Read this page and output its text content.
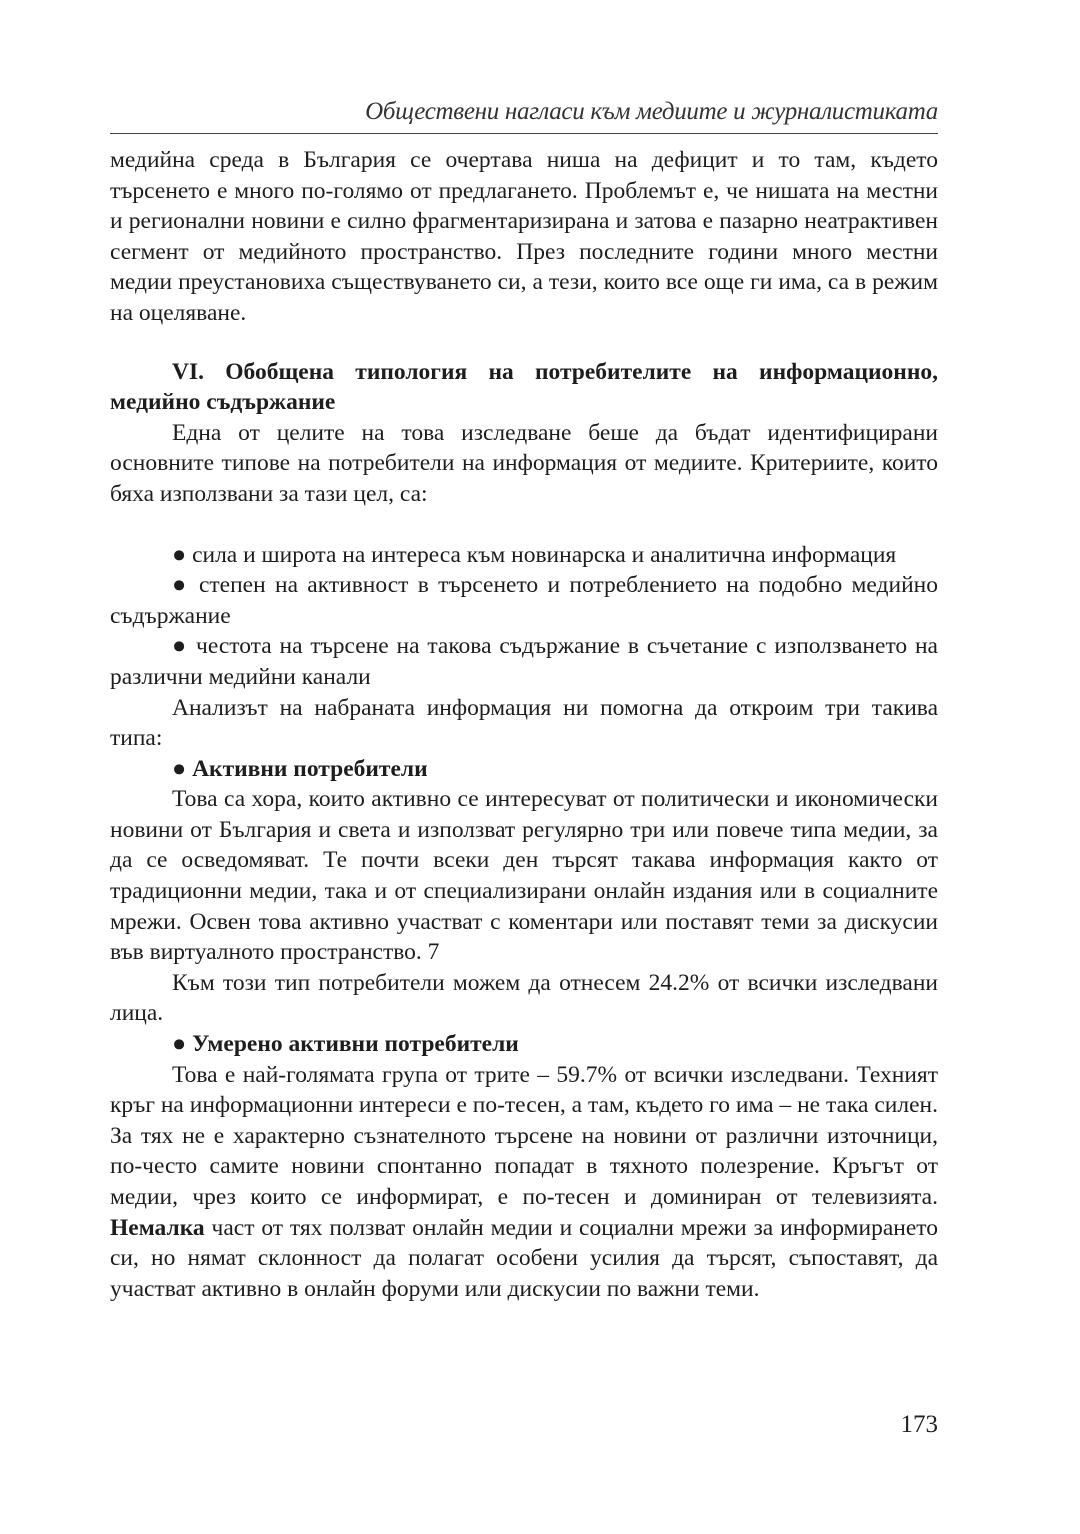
Обществени нагласи към медиите и журналистиката

медийна среда в България се очертава ниша на дефицит и то там, където търсенето е много по-голямо от предлагането. Проблемът е, че нишата на местни и регионални новини е силно фрагментаризирана и затова е пазарно неатрактивен сегмент от медийното пространство. През последните години много местни медии преустановиха съществуването си, а тези, които все още ги има, са в режим на оцеляване.

VI. Обобщена типология на потребителите на информационно, медийно съдържание

Една от целите на това изследване беше да бъдат идентифицирани основните типове на потребители на информация от медиите. Критериите, които бяха използвани за тази цел, са:

● сила и широта на интереса към новинарска и аналитична информация

● степен на активност в търсенето и потреблението на подобно медийно съдържание

● честота на търсене на такова съдържание в съчетание с използването на различни медийни канали

Анализът на набраната информация ни помогна да откроим три такива типа:

● Активни потребители

Това са хора, които активно се интересуват от политически и икономически новини от България и света и използват регулярно три или повече типа медии, за да се осведомяват. Те почти всеки ден търсят такава информация както от традиционни медии, така и от специализирани онлайн издания или в социалните мрежи. Освен това активно участват с коментари или поставят теми за дискусии във виртуалното пространство. 7

Към този тип потребители можем да отнесем 24.2% от всички изследвани лица.

● Умерено активни потребители

Това е най-голямата група от трите – 59.7% от всички изследвани. Техният кръг на информационни интереси е по-тесен, а там, където го има – не така силен. За тях не е характерно съзнателното търсене на новини от различни източници, по-често самите новини спонтанно попадат в тяхното полезрение. Кръгът от медии, чрез които се информират, е по-тесен и доминиран от телевизията. Немалка част от тях ползват онлайн медии и социални мрежи за информирането си, но нямат склонност да полагат особени усилия да търсят, съпоставят, да участват активно в онлайн форуми или дискусии по важни теми.

173
